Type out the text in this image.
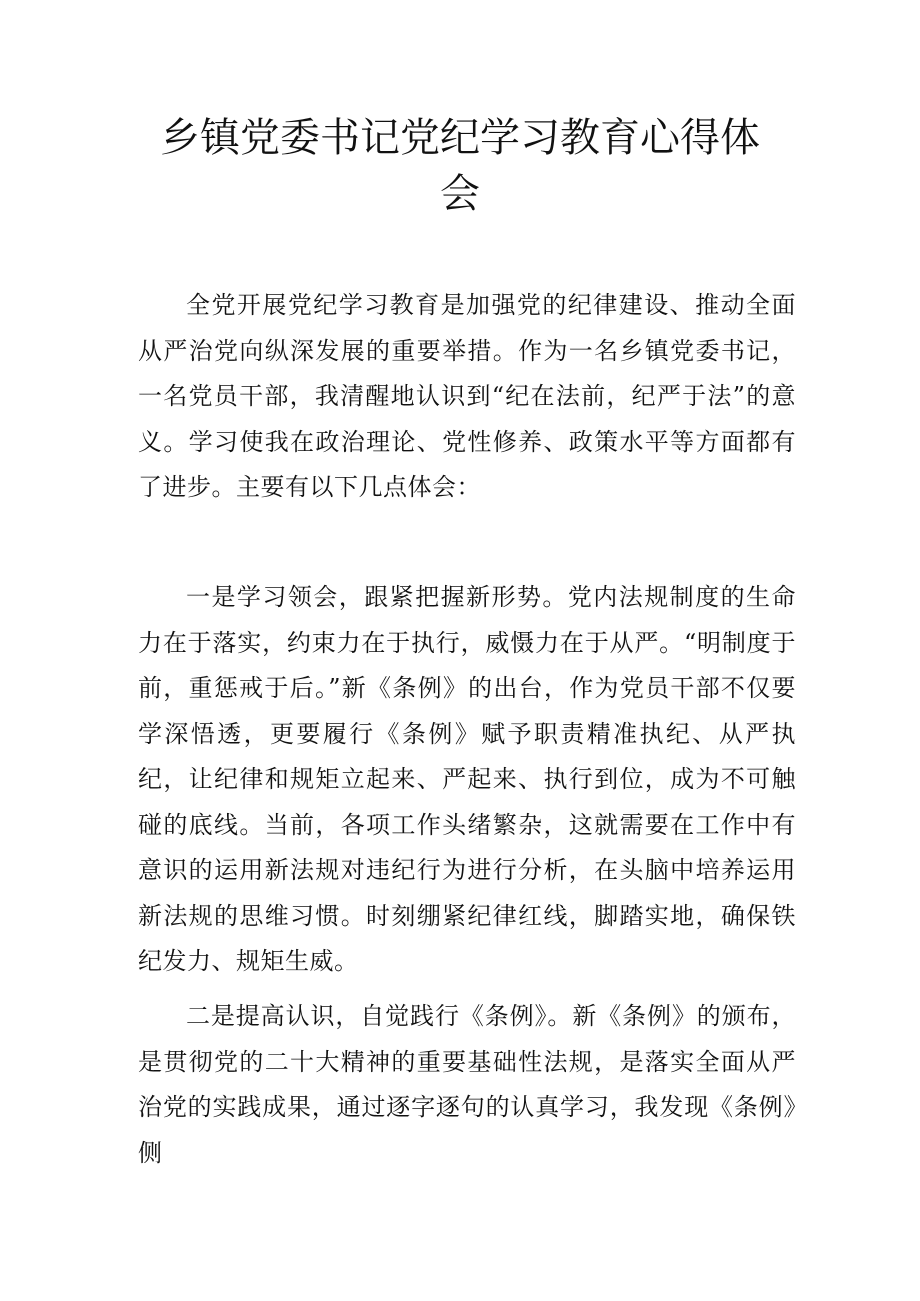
乡镇党委书记党纪学习教育心得体会

全党开展党纪学习教育是加强党的纪律建设、推动全面从严治党向纵深发展的重要举措。作为一名乡镇党委书记，一名党员干部，我清醒地认识到“纪在法前，纪严于法”的意义。学习使我在政治理论、党性修养、政策水平等方面都有了进步。主要有以下几点体会：

一是学习领会，跟紧把握新形势。党内法规制度的生命力在于落实，约束力在于执行，威慑力在于从严。“明制度于前，重惩戒于后。”新《条例》的出台，作为党员干部不仅要学深悟透，更要履行《条例》赋予职责精准执纪、从严执纪，让纪律和规矩立起来、严起来、执行到位，成为不可触碰的底线。当前，各项工作头绪繁杂，这就需要在工作中有意识的运用新法规对违纪行为进行分析，在头脑中培养运用新法规的思维习惯。时刻绷紧纪律红线，脚踏实地，确保铁纪发力、规矩生威。

二是提高认识，自觉践行《条例》。新《条例》的颁布，是贯彻党的二十大精神的重要基础性法规，是落实全面从严治党的实践成果，通过逐字逐句的认真学习，我发现《条例》侧
